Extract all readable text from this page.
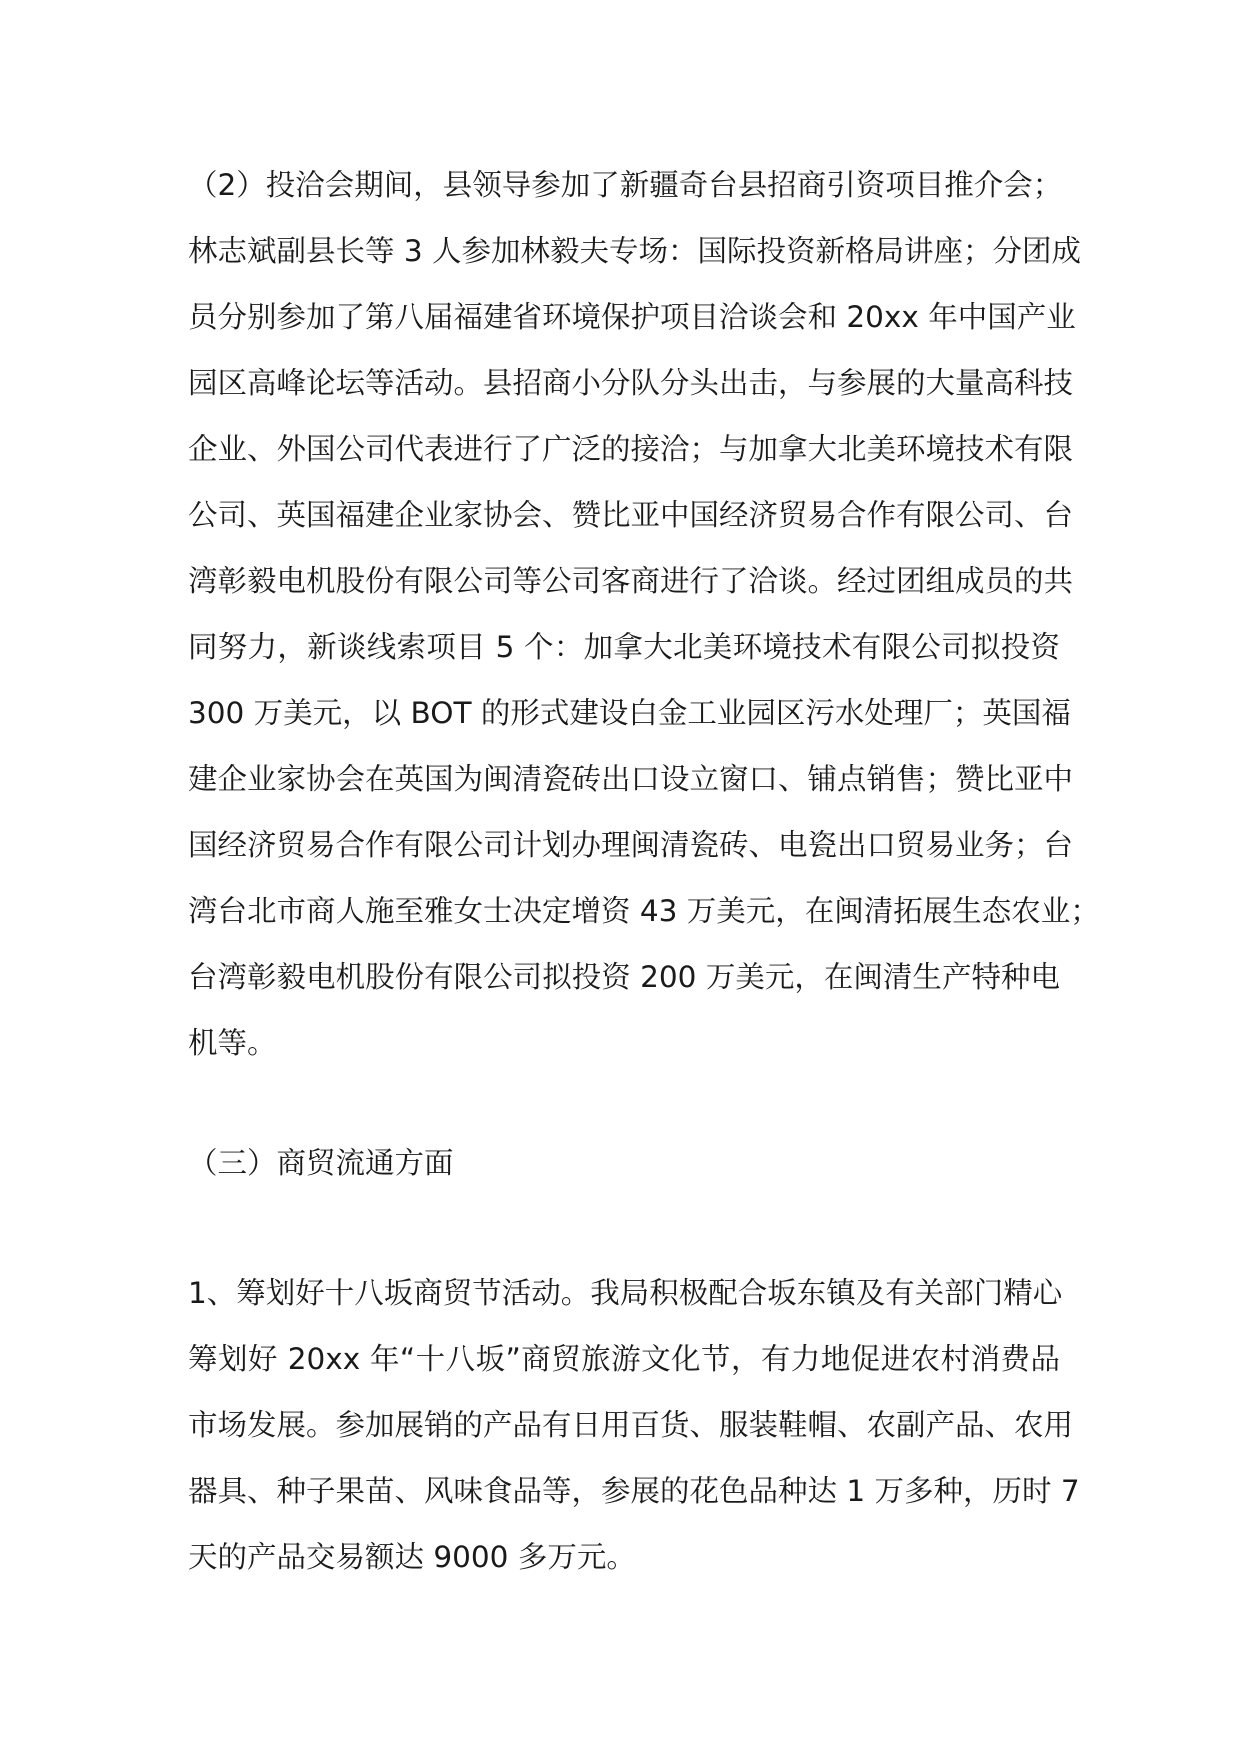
（2）投洽会期间，县领导参加了新疆奇台县招商引资项目推介会；
林志斌副县长等 3 人参加林毅夫专场：国际投资新格局讲座；分团成
员分别参加了第八届福建省环境保护项目洽谈会和 20xx 年中国产业
园区高峰论坛等活动。县招商小分队分头出击，与参展的大量高科技
企业、外国公司代表进行了广泛的接洽；与加拿大北美环境技术有限
公司、英国福建企业家协会、赞比亚中国经济贸易合作有限公司、台
湾彰毅电机股份有限公司等公司客商进行了洽谈。经过团组成员的共
同努力，新谈线索项目 5 个：加拿大北美环境技术有限公司拟投资
300 万美元，以 BOT 的形式建设白金工业园区污水处理厂；英国福
建企业家协会在英国为闽清瓷砖出口设立窗口、铺点销售；赞比亚中
国经济贸易合作有限公司计划办理闽清瓷砖、电瓷出口贸易业务；台
湾台北市商人施至雅女士决定增资 43 万美元，在闽清拓展生态农业；
台湾彰毅电机股份有限公司拟投资 200 万美元，在闽清生产特种电
机等。
（三）商贸流通方面
1、筹划好十八坂商贸节活动。我局积极配合坂东镇及有关部门精心
筹划好 20xx 年“十八坂”商贸旅游文化节，有力地促进农村消费品
市场发展。参加展销的产品有日用百货、服装鞋帽、农副产品、农用
器具、种子果苗、风味食品等，参展的花色品种达 1 万多种，历时 7
天的产品交易额达 9000 多万元。
